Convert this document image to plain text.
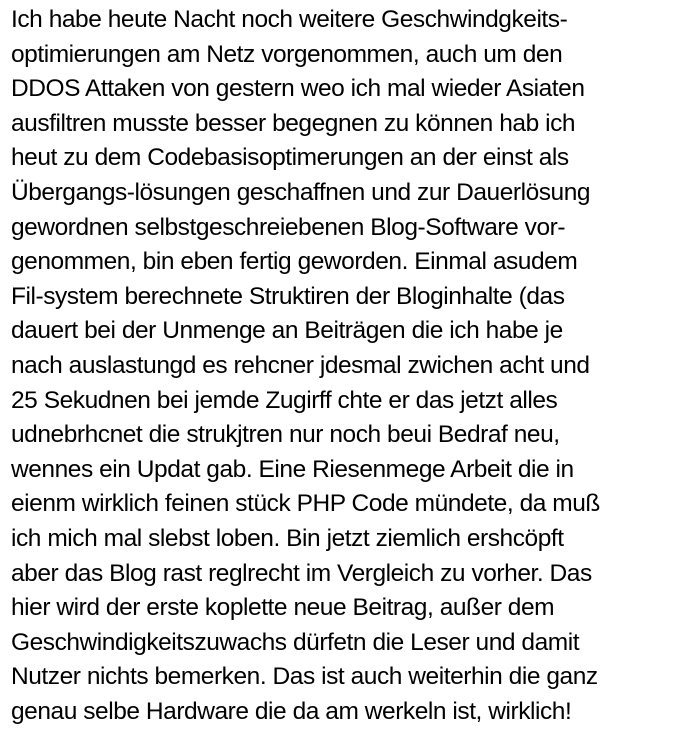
Ich habe heute Nacht noch weitere Geschwindgkeits-
optimierungen am Netz vorgenommen, auch um den
DDOS Attaken von gestern weo ich mal wieder Asiaten
ausfiltren musste besser begegnen zu können hab ich
heut zu dem Codebasisoptimerungen an der einst als
Übergangs-lösungen geschaffnen und zur Dauerlösung
gewordnen selbstgeschreiebenen Blog-Software vor-
genommen, bin eben fertig geworden. Einmal asudem
Fil-system berechnete Struktiren der Bloginhalte (das
dauert bei der Unmenge an Beiträgen die ich habe je
nach auslastungd es rehcner jdesmal zwichen acht und
25 Sekudnen bei jemde Zugirff chte er das jetzt alles
udnebrhcnet die strukjtren nur noch beui Bedraf neu,
wennes ein Updat gab. Eine Riesenmege Arbeit die in
eienm wirklich feinen stück PHP Code mündete, da muß
ich mich mal slebst loben. Bin jetzt ziemlich ershcöpft
aber das Blog rast reglrecht im Vergleich zu vorher. Das
hier wird der erste koplette neue Beitrag, außer dem
Geschwindigkeitszuwachs dürfetn die Leser und damit
Nutzer nichts bemerken. Das ist auch weiterhin die ganz
genau selbe Hardware die da am werkeln ist, wirklich!
